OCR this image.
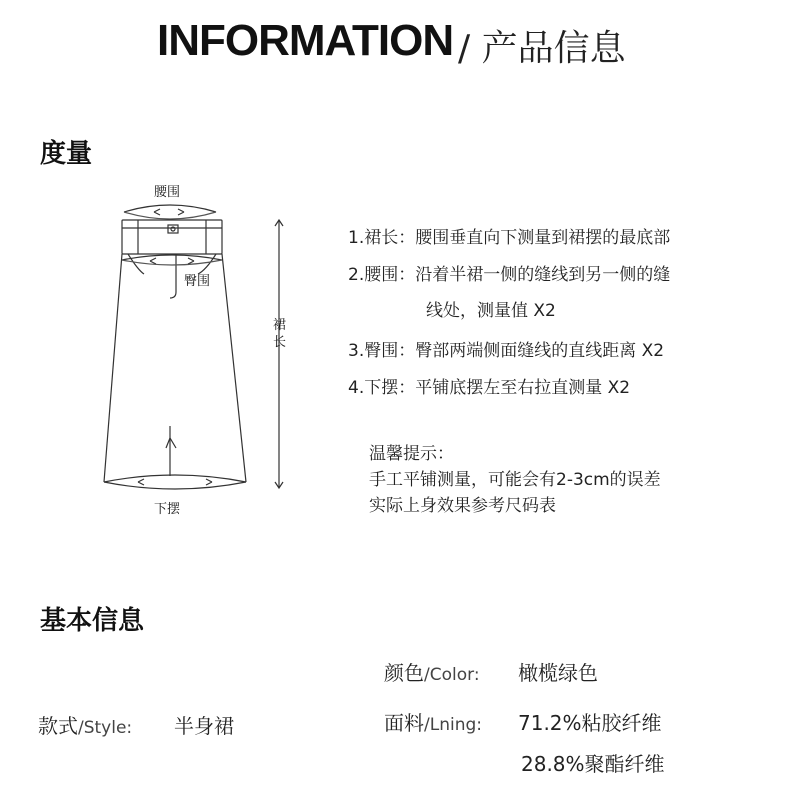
INFORMATION / 产品信息
度量
腰围
臀围
裙
长
下摆
1.裙长：腰围垂直向下测量到裙摆的最底部
2.腰围：沿着半裙一侧的缝线到另一侧的缝
线处，测量值 X2
3.臀围：臀部两端侧面缝线的直线距离 X2
4.下摆：平铺底摆左至右拉直测量 X2
温馨提示：
手工平铺测量，可能会有2-3cm的误差
实际上身效果参考尺码表
基本信息
颜色/Color: 橄榄绿色
款式/Style: 半身裙	面料/Lning: 71.2%粘胶纤维
28.8%聚酯纤维
